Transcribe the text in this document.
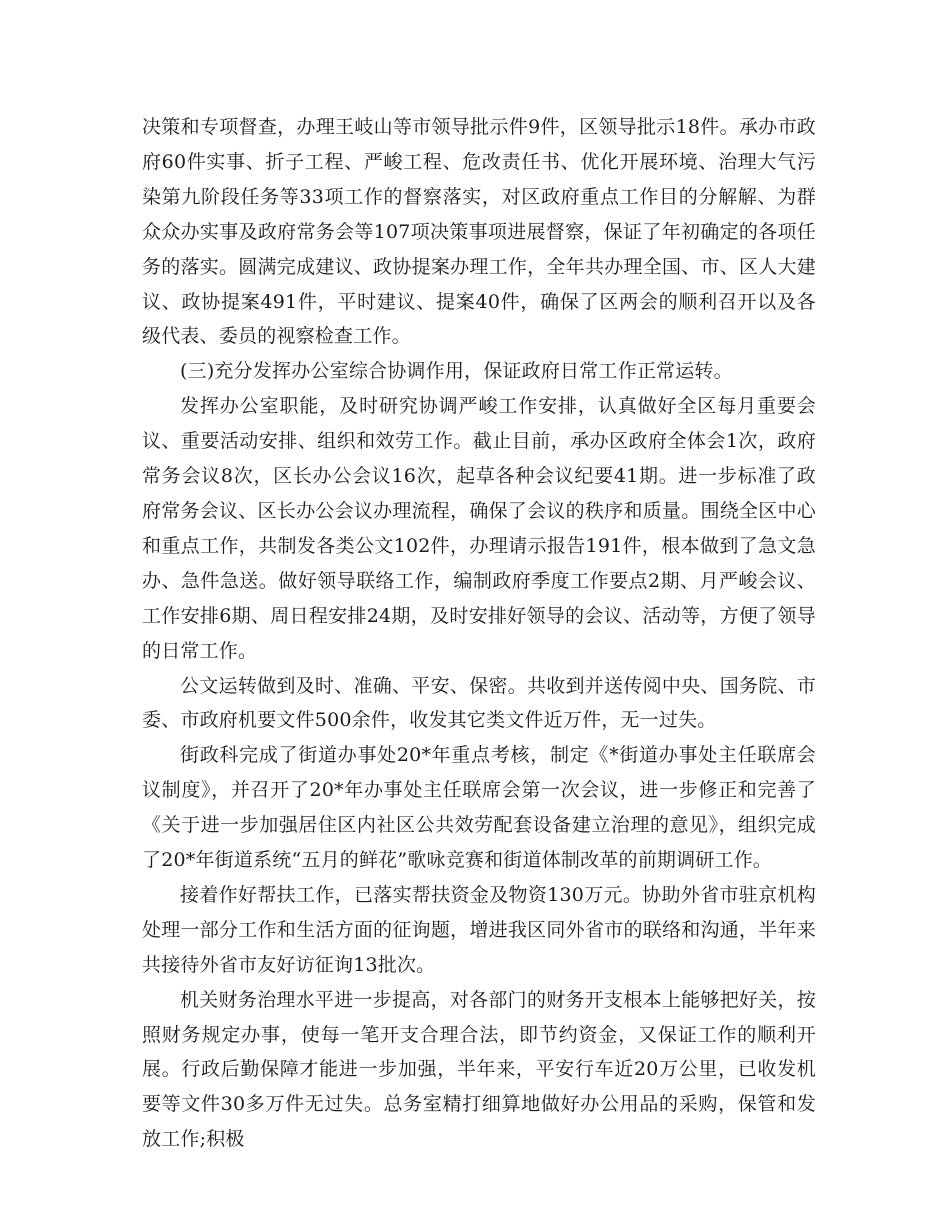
决策和专项督查，办理王岐山等市领导批示件9件，区领导批示18件。承办市政府60件实事、折子工程、严峻工程、危改责任书、优化开展环境、治理大气污染第九阶段任务等33项工作的督察落实，对区政府重点工作目的分解解、为群众众办实事及政府常务会等107项决策事项进展督察，保证了年初确定的各项任务的落实。圆满完成建议、政协提案办理工作，全年共办理全国、市、区人大建议、政协提案491件，平时建议、提案40件，确保了区两会的顺利召开以及各级代表、委员的视察检查工作。

(三)充分发挥办公室综合协调作用，保证政府日常工作正常运转。

发挥办公室职能，及时研究协调严峻工作安排，认真做好全区每月重要会议、重要活动安排、组织和效劳工作。截止目前，承办区政府全体会1次，政府常务会议8次，区长办公会议16次，起草各种会议纪要41期。进一步标准了政府常务会议、区长办公会议办理流程，确保了会议的秩序和质量。围绕全区中心和重点工作，共制发各类公文102件，办理请示报告191件，根本做到了急文急办、急件急送。做好领导联络工作，编制政府季度工作要点2期、月严峻会议、工作安排6期、周日程安排24期，及时安排好领导的会议、活动等，方便了领导的日常工作。

公文运转做到及时、准确、平安、保密。共收到并送传阅中央、国务院、市委、市政府机要文件500余件，收发其它类文件近万件，无一过失。

街政科完成了街道办事处20*年重点考核，制定《*街道办事处主任联席会议制度》，并召开了20*年办事处主任联席会第一次会议，进一步修正和完善了《关于进一步加强居住区内社区公共效劳配套设备建立治理的意见》，组织完成了20*年街道系统“五月的鲜花”歌咏竞赛和街道体制改革的前期调研工作。

接着作好帮扶工作，已落实帮扶资金及物资130万元。协助外省市驻京机构处理一部分工作和生活方面的征询题，增进我区同外省市的联络和沟通，半年来共接待外省市友好访征询13批次。

机关财务治理水平进一步提高，对各部门的财务开支根本上能够把好关，按照财务规定办事，使每一笔开支合理合法，即节约资金，又保证工作的顺利开展。行政后勤保障才能进一步加强，半年来，平安行车近20万公里，已收发机要等文件30多万件无过失。总务室精打细算地做好办公用品的采购，保管和发放工作;积极
